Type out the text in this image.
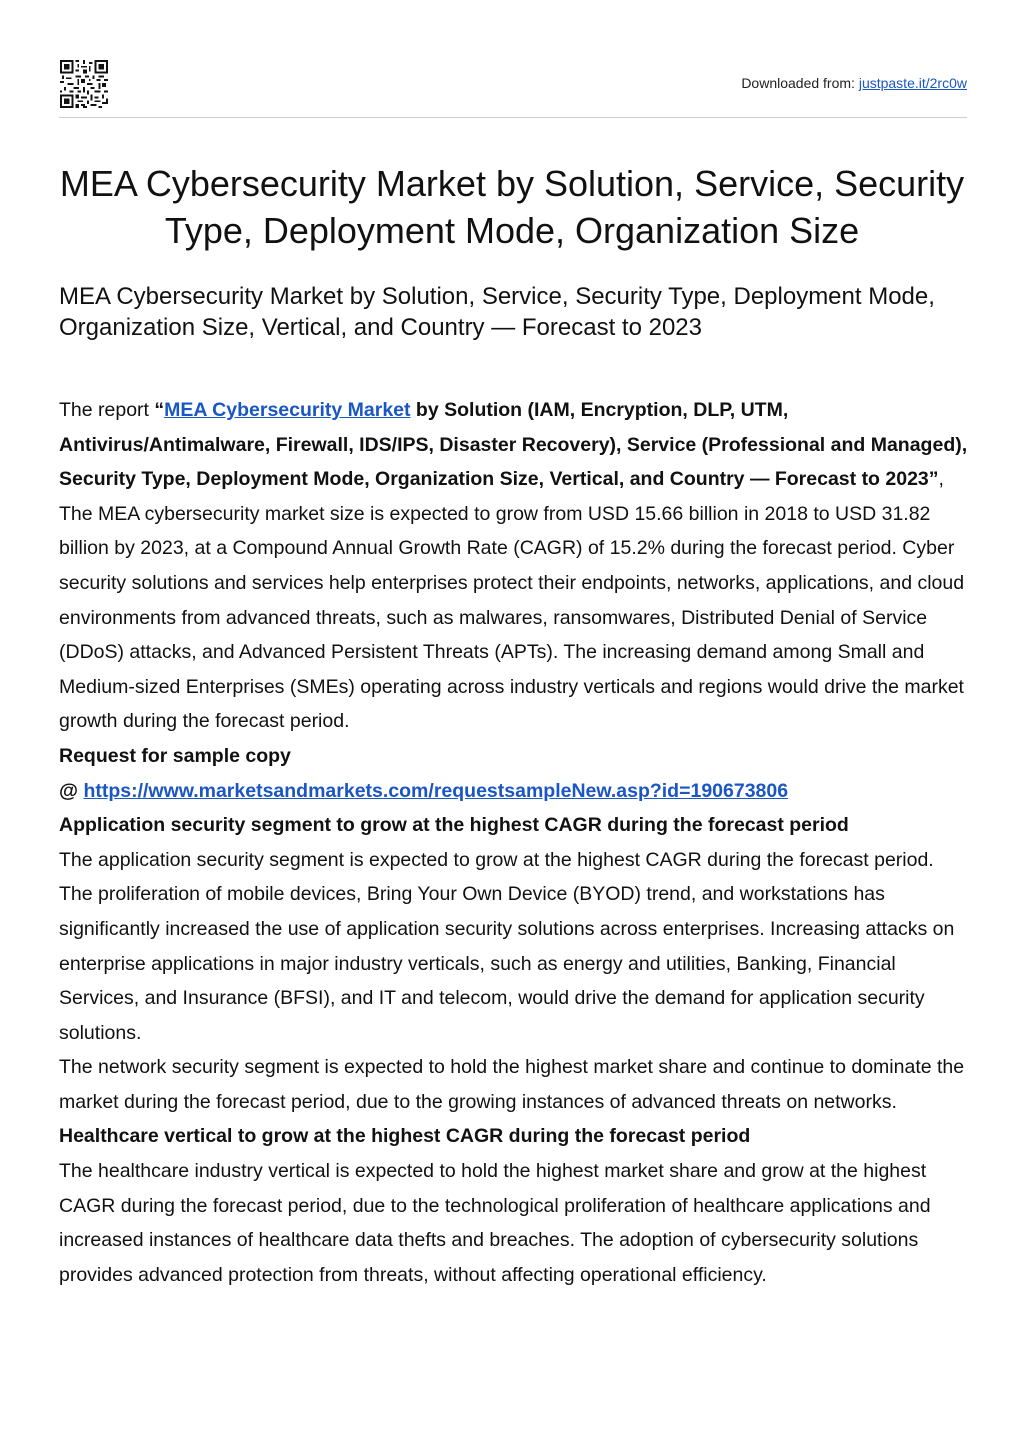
Downloaded from: justpaste.it/2rc0w
MEA Cybersecurity Market by Solution, Service, Security Type, Deployment Mode, Organization Size
MEA Cybersecurity Market by Solution, Service, Security Type, Deployment Mode, Organization Size, Vertical, and Country — Forecast to 2023

The report “MEA Cybersecurity Market by Solution (IAM, Encryption, DLP, UTM, Antivirus/Antimalware, Firewall, IDS/IPS, Disaster Recovery), Service (Professional and Managed), Security Type, Deployment Mode, Organization Size, Vertical, and Country — Forecast to 2023”, The MEA cybersecurity market size is expected to grow from USD 15.66 billion in 2018 to USD 31.82 billion by 2023, at a Compound Annual Growth Rate (CAGR) of 15.2% during the forecast period. Cyber security solutions and services help enterprises protect their endpoints, networks, applications, and cloud environments from advanced threats, such as malwares, ransomwares, Distributed Denial of Service (DDoS) attacks, and Advanced Persistent Threats (APTs). The increasing demand among Small and Medium-sized Enterprises (SMEs) operating across industry verticals and regions would drive the market growth during the forecast period.

Request for sample copy

@ https://www.marketsandmarkets.com/requestsampleNew.asp?id=190673806

Application security segment to grow at the highest CAGR during the forecast period

The application security segment is expected to grow at the highest CAGR during the forecast period. The proliferation of mobile devices, Bring Your Own Device (BYOD) trend, and workstations has significantly increased the use of application security solutions across enterprises. Increasing attacks on enterprise applications in major industry verticals, such as energy and utilities, Banking, Financial Services, and Insurance (BFSI), and IT and telecom, would drive the demand for application security solutions.

The network security segment is expected to hold the highest market share and continue to dominate the market during the forecast period, due to the growing instances of advanced threats on networks.

Healthcare vertical to grow at the highest CAGR during the forecast period

The healthcare industry vertical is expected to hold the highest market share and grow at the highest CAGR during the forecast period, due to the technological proliferation of healthcare applications and increased instances of healthcare data thefts and breaches. The adoption of cybersecurity solutions provides advanced protection from threats, without affecting operational efficiency.
